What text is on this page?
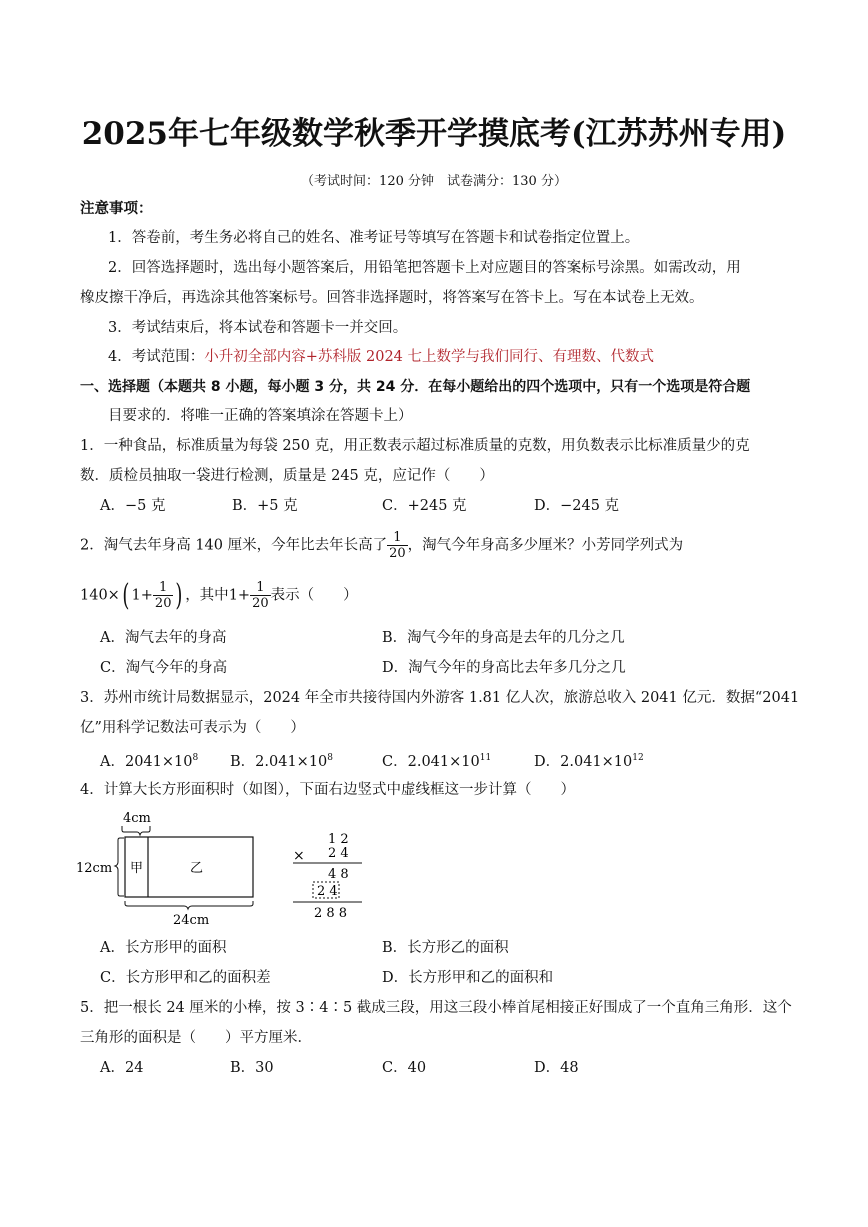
2025年七年级数学秋季开学摸底考(江苏苏州专用)
（考试时间：120 分钟　试卷满分：130 分）
注意事项：
1．答卷前，考生务必将自己的姓名、准考证号等填写在答题卡和试卷指定位置上。
2．回答选择题时，选出每小题答案后，用铅笔把答题卡上对应题目的答案标号涂黑。如需改动，用
橡皮擦干净后，再选涂其他答案标号。回答非选择题时，将答案写在答卡上。写在本试卷上无效。
3．考试结束后，将本试卷和答题卡一并交回。
4．考试范围：小升初全部内容+苏科版 2024 七上数学与我们同行、有理数、代数式
一、选择题（本题共 8 小题，每小题 3 分，共 24 分．在每小题给出的四个选项中，只有一个选项是符合题
目要求的．将唯一正确的答案填涂在答题卡上）
1．一种食品，标准质量为每袋 250 克，用正数表示超过标准质量的克数，用负数表示比标准质量少的克
数．质检员抽取一袋进行检测，质量是 245 克，应记作（　　）
A．−5 克	B．+5 克	C．+245 克	D．−245 克
2．淘气去年身高 140 厘米，今年比去年长高了 $\frac{1}{20}$ ，淘气今年身高多少厘米？小芳同学列式为
140×( $1+ \frac{1}{20}$ ) ，其中$1+ \frac{1}{20}$ 表示（　　）
A．淘气去年的身高	B．淘气今年的身高是去年的几分之几
C．淘气今年的身高	D．淘气今年的身高比去年多几分之几
3．苏州市统计局数据显示，2024 年全市共接待国内外游客 1.81 亿人次，旅游总收入 2041 亿元．数据“2041
亿”用科学记数法可表示为（　　）
A．$2041\times 10^8$ B．$2.041\times 10^8$	C．$2.041\times 10^{11}$	D．$2.041\times 10^{12}$
4．计算大长方形面积时（如图），下面右边竖式中虚线框这一步计算（　　）
4cm
12cm 甲	乙
24cm
1 2
× 2 4
4 8
2 4
2 8 8
A．长方形甲的面积	B．长方形乙的面积
C．长方形甲和乙的面积差	D．长方形甲和乙的面积和
5．把一根长 24 厘米的小棒，按 3∶4∶5 截成三段，用这三段小棒首尾相接正好围成了一个直角三角形．这个
三角形的面积是（　　）平方厘米．
A．24	B．30	C．40	D．48
